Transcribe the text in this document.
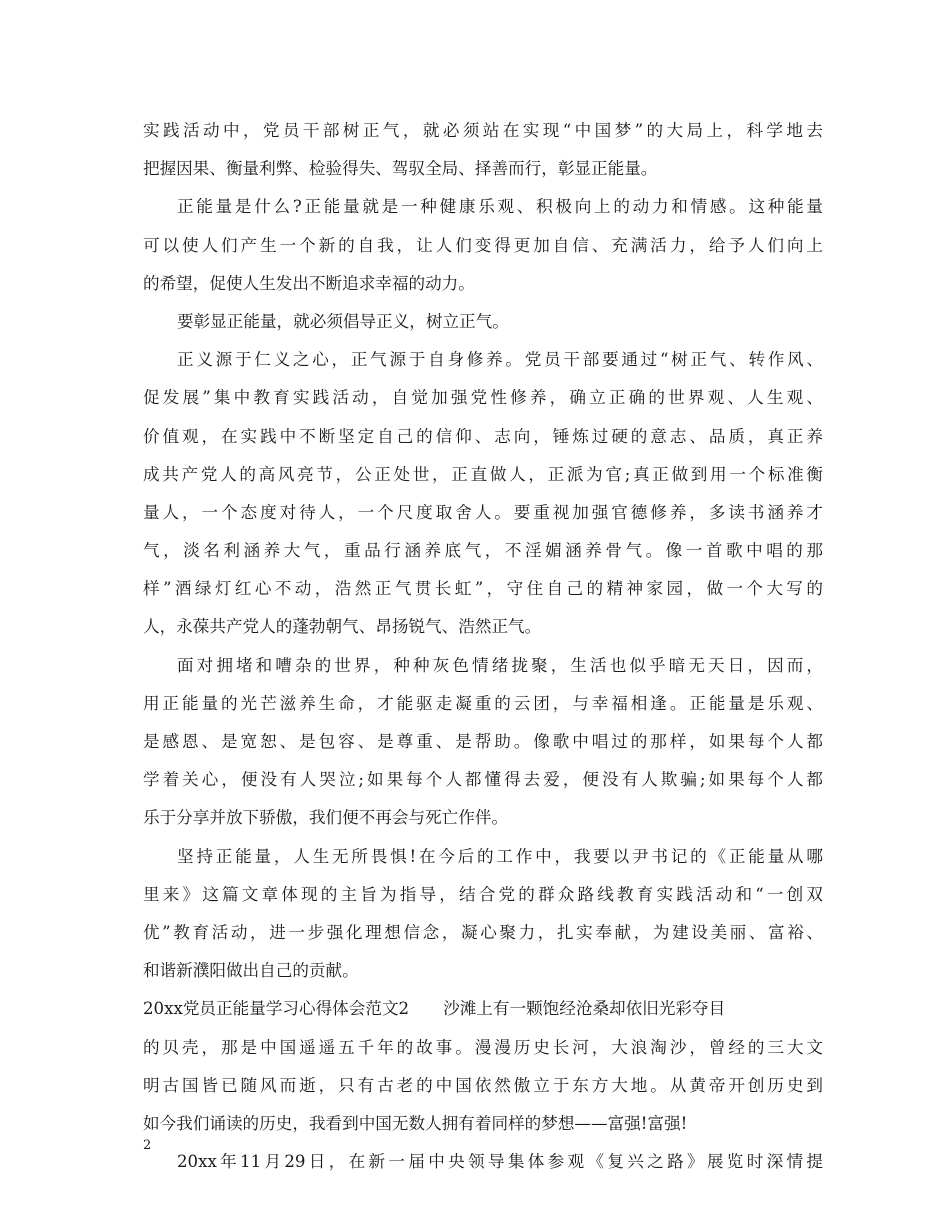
实践活动中，党员干部树正气，就必须站在实现“中国梦”的大局上，科学地去
把握因果、衡量利弊、检验得失、驾驭全局、择善而行，彰显正能量。
正能量是什么?正能量就是一种健康乐观、积极向上的动力和情感。这种能量
可以使人们产生一个新的自我，让人们变得更加自信、充满活力，给予人们向上
的希望，促使人生发出不断追求幸福的动力。
要彰显正能量，就必须倡导正义，树立正气。
正义源于仁义之心，正气源于自身修养。党员干部要通过“树正气、转作风、
促发展”集中教育实践活动，自觉加强党性修养，确立正确的世界观、人生观、
价值观，在实践中不断坚定自己的信仰、志向，锤炼过硬的意志、品质，真正养
成共产党人的高风亮节，公正处世，正直做人，正派为官;真正做到用一个标准衡
量人，一个态度对待人，一个尺度取舍人。要重视加强官德修养，多读书涵养才
气，淡名利涵养大气，重品行涵养底气，不淫媚涵养骨气。像一首歌中唱的那
样”酒绿灯红心不动，浩然正气贯长虹”，守住自己的精神家园，做一个大写的
人，永葆共产党人的蓬勃朝气、昂扬锐气、浩然正气。
面对拥堵和嘈杂的世界，种种灰色情绪拢聚，生活也似乎暗无天日，因而，
用正能量的光芒滋养生命，才能驱走凝重的云团，与幸福相逢。正能量是乐观、
是感恩、是宽恕、是包容、是尊重、是帮助。像歌中唱过的那样，如果每个人都
学着关心，便没有人哭泣;如果每个人都懂得去爱，便没有人欺骗;如果每个人都
乐于分享并放下骄傲，我们便不再会与死亡作伴。
坚持正能量，人生无所畏惧!在今后的工作中，我要以尹书记的《正能量从哪
里来》这篇文章体现的主旨为指导，结合党的群众路线教育实践活动和“一创双
优”教育活动，进一步强化理想信念，凝心聚力，扎实奉献，为建设美丽、富裕、
和谐新濮阳做出自己的贡献。
20xx党员正能量学习心得体会范文2 沙滩上有一颗饱经沧桑却依旧光彩夺目
的贝壳，那是中国遥遥五千年的故事。漫漫历史长河，大浪淘沙，曾经的三大文
明古国皆已随风而逝，只有古老的中国依然傲立于东方大地。从黄帝开创历史到
如今我们诵读的历史，我看到中国无数人拥有着同样的梦想——富强!富强!
20xx年11月29日，在新一届中央领导集体参观《复兴之路》展览时深情提
2
